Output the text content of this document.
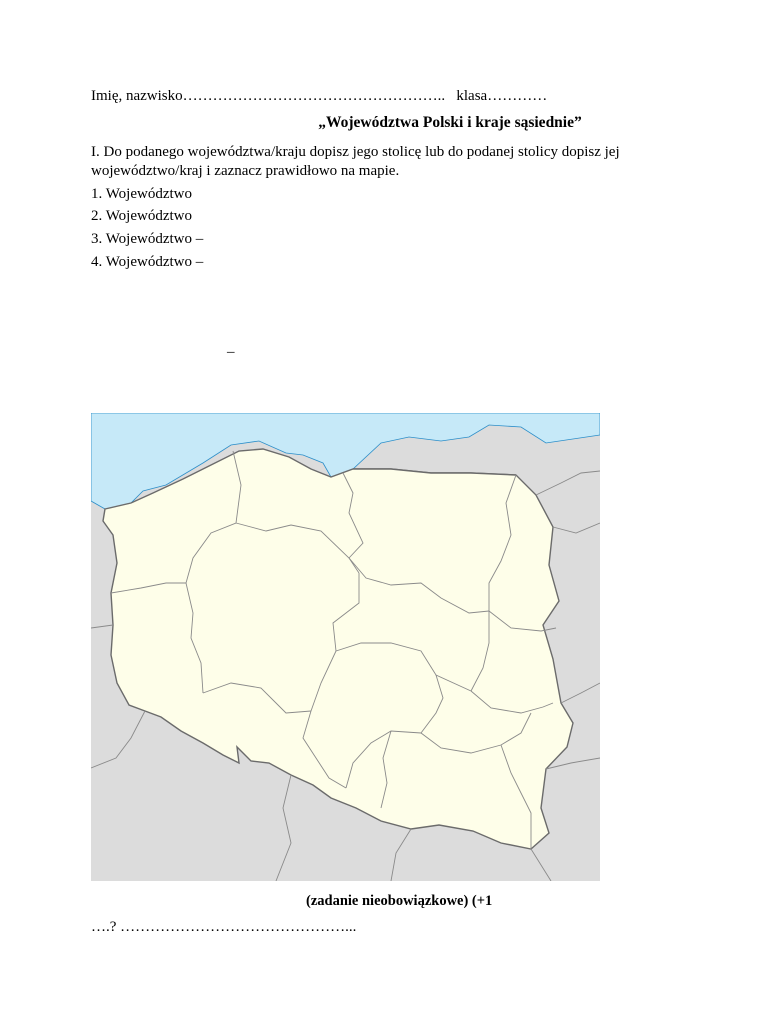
Imię, nazwisko…………………………………………….. klasa…………
„Województwa Polski i kraje sąsiednie”
I. Do podanego województwa/kraju dopisz jego stolicę lub do podanej stolicy dopisz jej
województwo/kraj i zaznacz prawidłowo na mapie.
1. Województwo
2. Województwo
3. Województwo –
4. Województwo –
–
(zadanie nieobowiązkowe) (+1
….? ………………………………………...
